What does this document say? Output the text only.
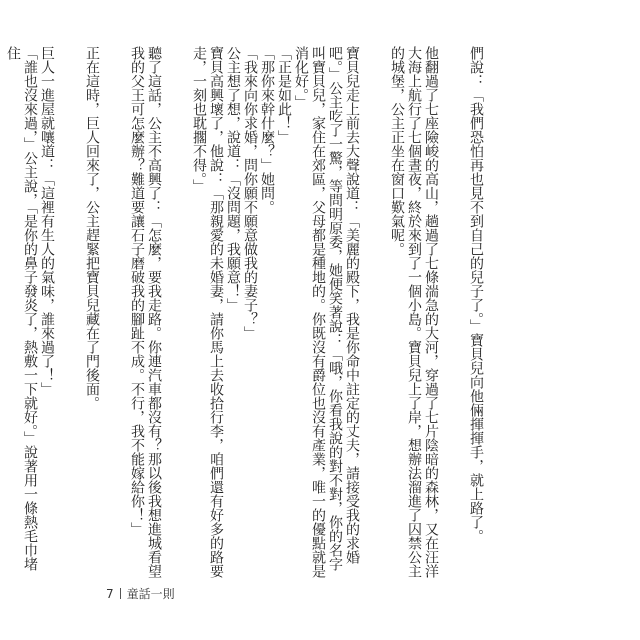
們說：「我們恐怕再也見不到自己的兒子了。」寶貝兒向他倆揮揮手，就上路了。

他翻過了七座險峻的高山，趟過了七條湍急的大河，穿過了七片陰暗的森林，又在汪洋大海上航行了七個晝夜，終於來到了一個小島。寶貝兒上了岸，想辦法溜進了囚禁公主的城堡，公主正坐在窗口歎氣呢。

寶貝兒走上前去大聲說道：「美麗的殿下，我是你命中註定的丈夫，請接受我的求婚吧。」公主吃了一驚，等問明原委，她便笑著說：「哦，你看我說的對不對，你的名字叫寶貝兒，家住在郊區，父母都是種地的。你既沒有爵位也沒有產業，唯一的優點就是消化好。」

「正是如此！」

「那你來幹什麼？」她問。

「我來向你求婚，問你願不願意做我的妻子？」

公主想了想，說道：「沒問題，我願意！」

寶貝高興壞了，他說：「那親愛的未婚妻，請你馬上去收拾行李，咱們還有好多的路要走，一刻也耽擱不得。」

聽了這話，公主不高興了：「怎麼，要我走路。你連汽車都沒有？那以後我想進城看望我的父王可怎麼辦？難道要讓石子磨破我的腳趾不成。不行，我不能嫁給你！」

正在這時，巨人回來了，公主趕緊把寶貝兒藏在了門後面。

巨人一進屋就嚷道：「這裡有生人的氣味，誰來過了！」

「誰也沒來過，」公主說，「是你的鼻子發炎了，熱敷一下就好。」說著用一條熱毛巾堵住

7 童話一則
